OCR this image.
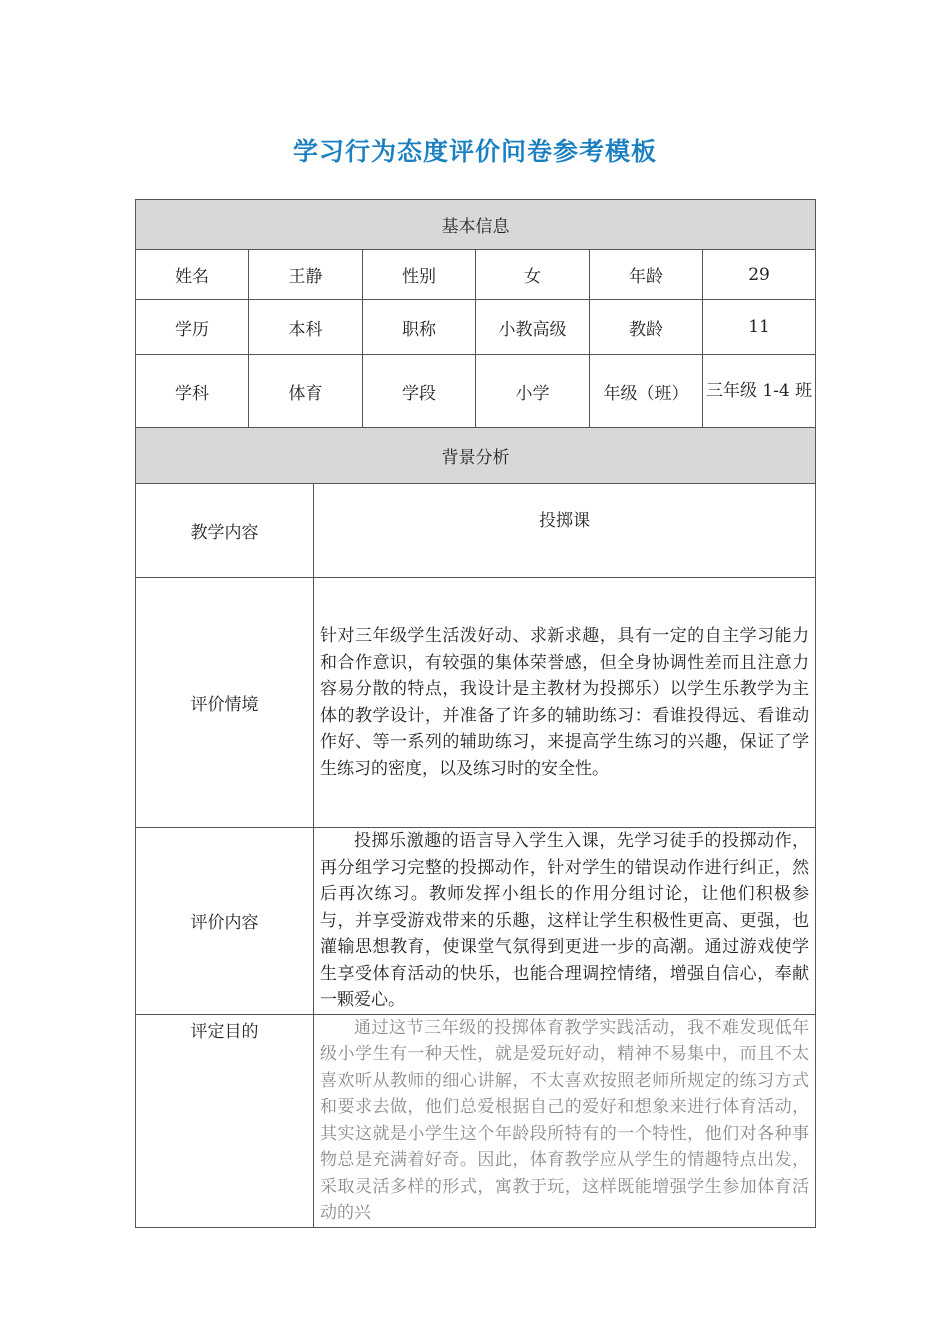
学习行为态度评价问卷参考模板
基本信息						
姓名	王静		性别	女	年龄	29
学历	本科		职称	小教高级	教龄	11
学科	体育		学段	小学	年级（班）	三年级 1-4 班
背景分析						
教学内容		投掷课				
评价情境		针对三年级学生活泼好动、求新求趣，具有一定的自主学习能力和合作意识，有较强的集体荣誉感，但全身协调性差而且注意力容易分散的特点，我设计是主教材为投掷乐）以学生乐教学为主体的教学设计，并准备了许多的辅助练习：看谁投得远、看谁动作好、等一系列的辅助练习，来提高学生练习的兴趣，保证了学生练习的密度，以及练习时的安全性。				
评价内容		投掷乐激趣的语言导入学生入课，先学习徒手的投掷动作，再分组学习完整的投掷动作，针对学生的错误动作进行纠正，然后再次练习。教师发挥小组长的作用分组讨论，让他们积极参与，并享受游戏带来的乐趣，这样让学生积极性更高、更强，也灌输思想教育，使课堂气氛得到更进一步的高潮。通过游戏使学生享受体育活动的快乐，也能合理调控情绪，增强自信心，奉献一颗爱心。				
评定目的		通过这节三年级的投掷体育教学实践活动，我不难发现低年级小学生有一种天性，就是爱玩好动，精神不易集中，而且不太喜欢听从教师的细心讲解，不太喜欢按照老师所规定的练习方式和要求去做，他们总爱根据自己的爱好和想象来进行体育活动，其实这就是小学生这个年龄段所特有的一个特性，他们对各种事物总是充满着好奇。因此，体育教学应从学生的情趣特点出发，采取灵活多样的形式，寓教于玩，这样既能增强学生参加体育活动的兴				
